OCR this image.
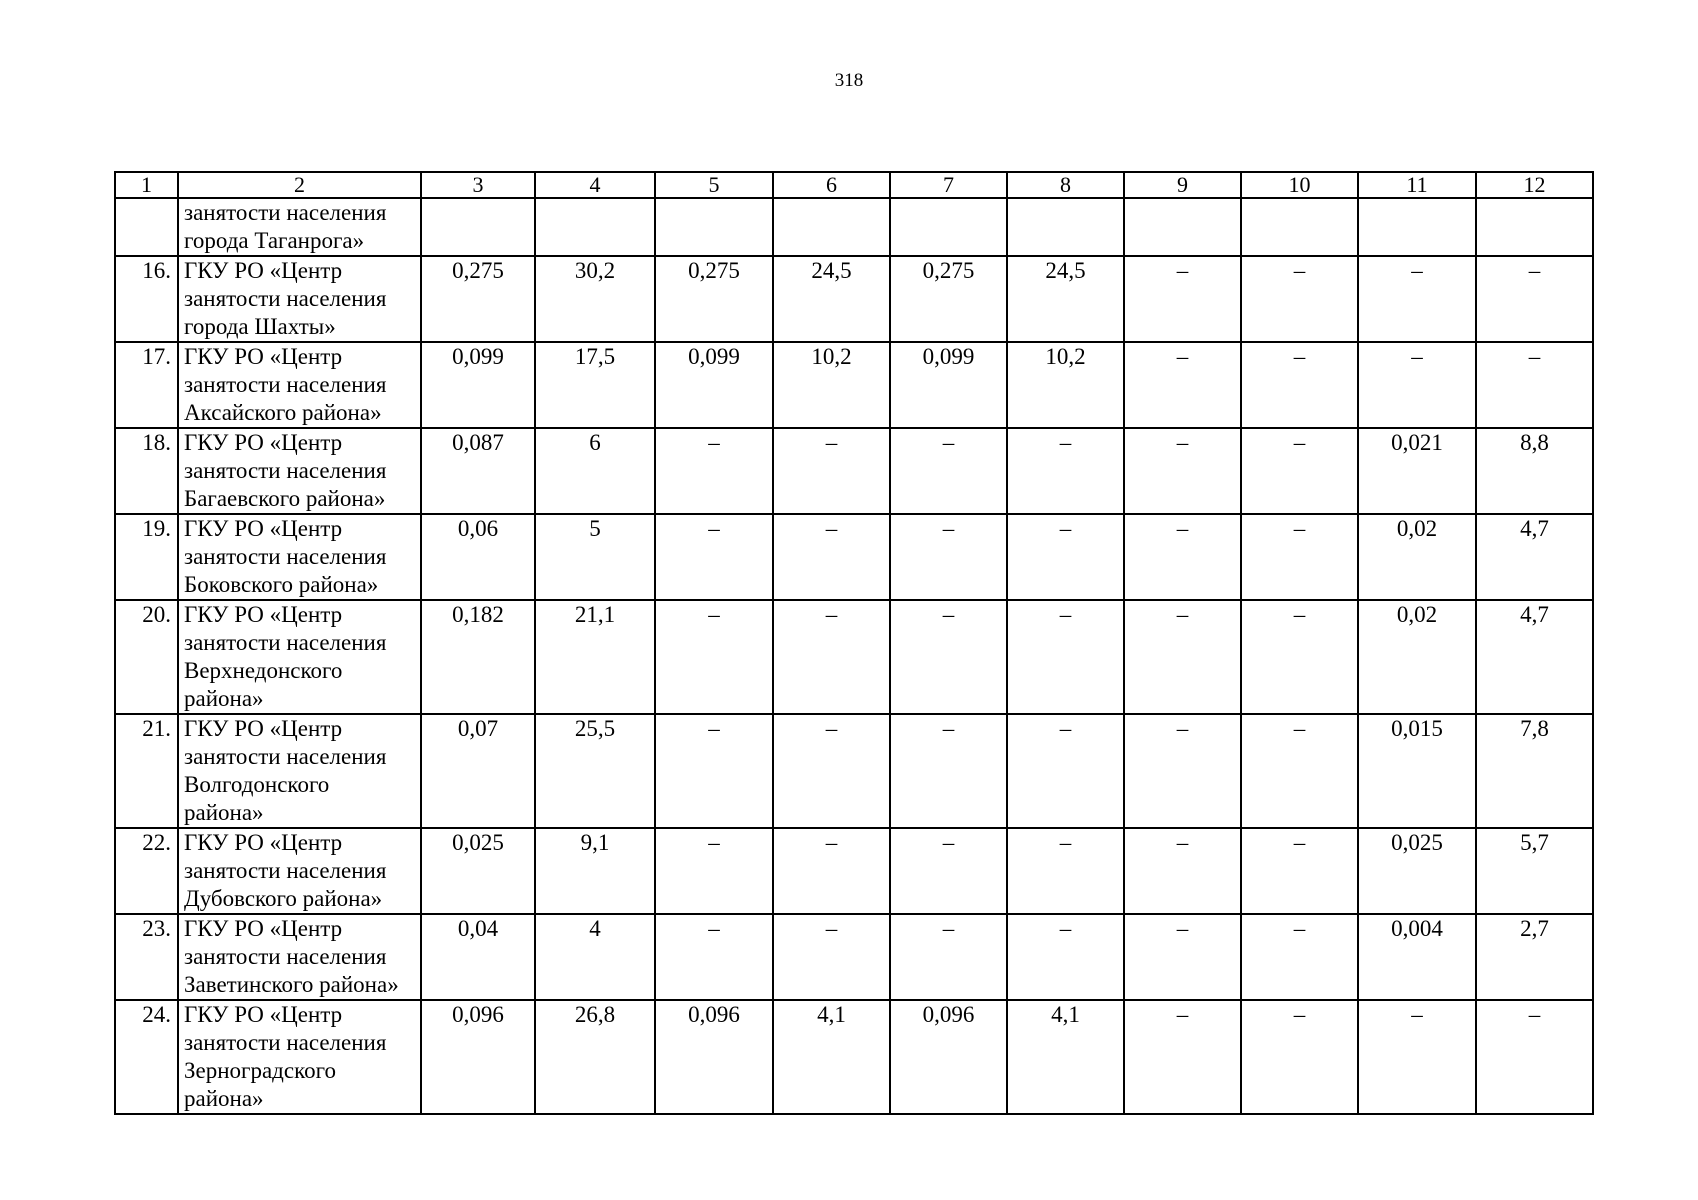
318
1	2	3	4	5	6	7	8	9	10	11	12

	занятости населения
города Таганрога»										

16.	ГКУ РО «Центр
занятости населения
города Шахты»	0,275	30,2	0,275	24,5	0,275	24,5	–	–	–	–
17.	ГКУ РО «Центр
занятости населения
Аксайского района»	0,099	17,5	0,099	10,2	0,099	10,2	–	–	–	–
18.	ГКУ РО «Центр
занятости населения
Багаевского района»	0,087	6	–	–	–	–	–	–	0,021	8,8
19.	ГКУ РО «Центр
занятости населения
Боковского района»	0,06	5	–	–	–	–	–	–	0,02	4,7
20.	ГКУ РО «Центр
занятости населения
Верхнедонского
района»	0,182	21,1	–	–	–	–	–	–	0,02	4,7
21.	ГКУ РО «Центр
занятости населения
Волгодонского
района»	0,07	25,5	–	–	–	–	–	–	0,015	7,8
22.	ГКУ РО «Центр
занятости населения
Дубовского района»	0,025	9,1	–	–	–	–	–	–	0,025	5,7
23.	ГКУ РО «Центр
занятости населения
Заветинского района»	0,04	4	–	–	–	–	–	–	0,004	2,7
24.	ГКУ РО «Центр
занятости населения
Зерноградского
района»	0,096	26,8	0,096	4,1	0,096	4,1	–	–	–	–
